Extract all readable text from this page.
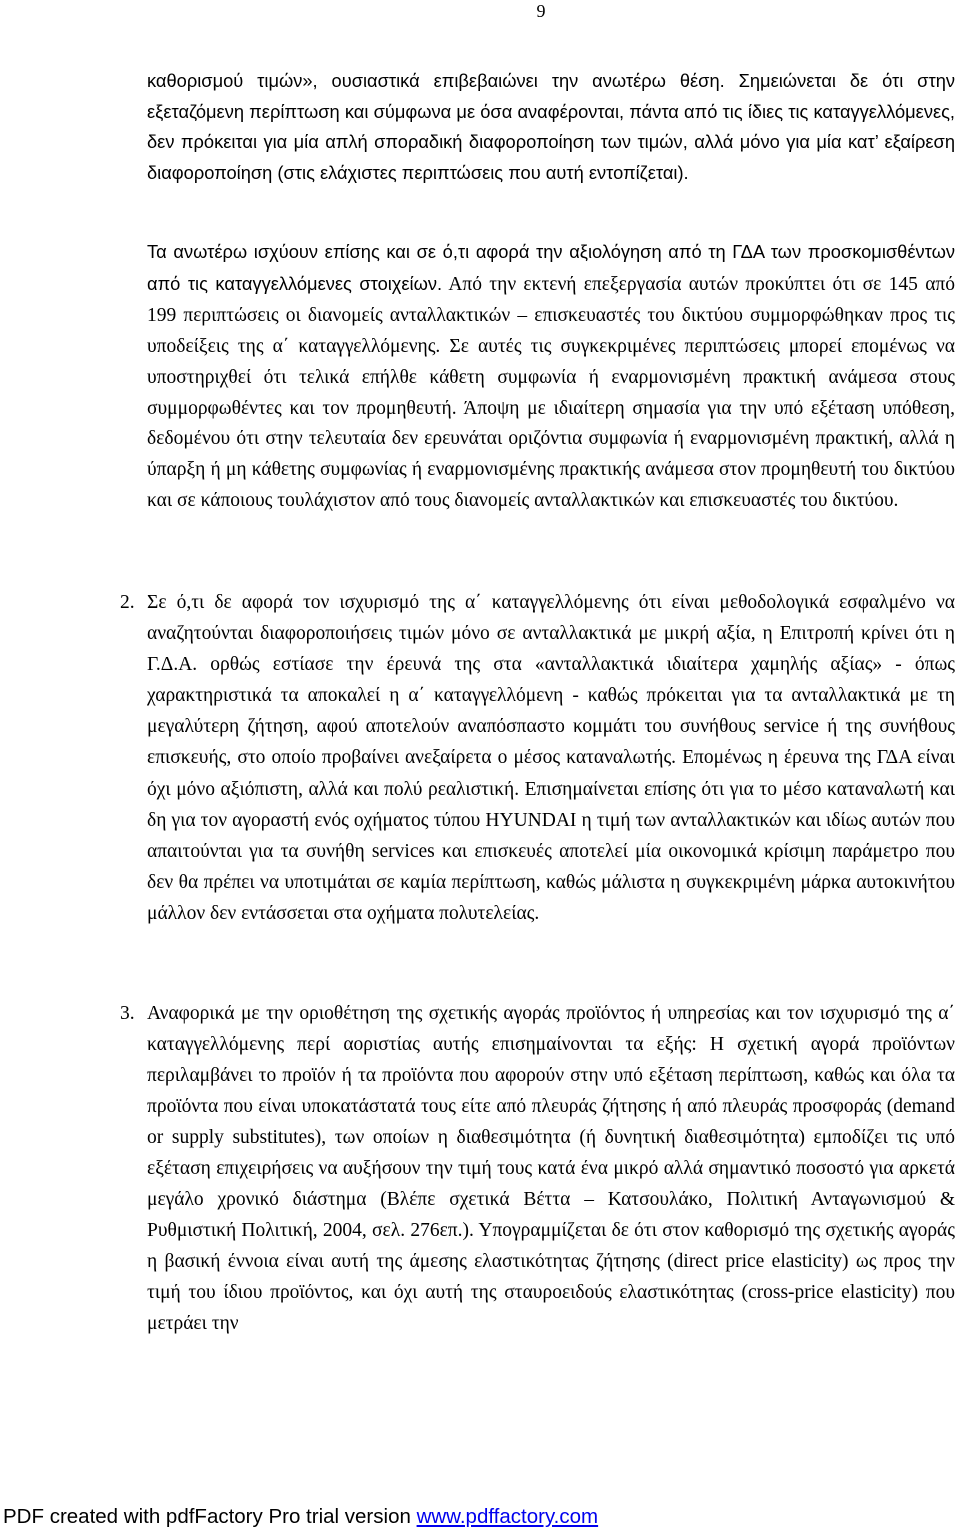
9

καθορισμού τιμών», ουσιαστικά επιβεβαιώνει την ανωτέρω θέση. Σημειώνεται δε ότι στην εξεταζόμενη περίπτωση και σύμφωνα με όσα αναφέρονται, πάντα από τις ίδιες τις καταγγελλόμενες, δεν πρόκειται για μία απλή σποραδική διαφοροποίηση των τιμών, αλλά μόνο για μία κατ’ εξαίρεση διαφοροποίηση (στις ελάχιστες περιπτώσεις που αυτή εντοπίζεται).

Τα ανωτέρω ισχύουν επίσης και σε ό,τι αφορά την αξιολόγηση από τη ΓΔΑ των προσκομισθέντων από τις καταγγελλόμενες στοιχείων. Από την εκτενή επεξεργασία αυτών προκύπτει ότι σε 145 από 199 περιπτώσεις οι διανομείς ανταλλακτικών – επισκευαστές του δικτύου συμμορφώθηκαν προς τις υποδείξεις της α΄ καταγγελλόμενης. Σε αυτές τις συγκεκριμένες περιπτώσεις μπορεί επομένως να υποστηριχθεί ότι τελικά επήλθε κάθετη συμφωνία ή εναρμονισμένη πρακτική ανάμεσα στους συμμορφωθέντες και τον προμηθευτή. Άποψη με ιδιαίτερη σημασία για την υπό εξέταση υπόθεση, δεδομένου ότι στην τελευταία δεν ερευνάται οριζόντια συμφωνία ή εναρμονισμένη πρακτική, αλλά η ύπαρξη ή μη κάθετης συμφωνίας ή εναρμονισμένης πρακτικής ανάμεσα στον προμηθευτή του δικτύου και σε κάποιους τουλάχιστον από τους διανομείς ανταλλακτικών και επισκευαστές του δικτύου.

2. Σε ό,τι δε αφορά τον ισχυρισμό της α΄ καταγγελλόμενης ότι είναι μεθοδολογικά εσφαλμένο να αναζητούνται διαφοροποιήσεις τιμών μόνο σε ανταλλακτικά με μικρή αξία, η Επιτροπή κρίνει ότι η Γ.Δ.Α. ορθώς εστίασε την έρευνά της στα «ανταλλακτικά ιδιαίτερα χαμηλής αξίας» - όπως χαρακτηριστικά τα αποκαλεί η α΄ καταγγελλόμενη - καθώς πρόκειται για τα ανταλλακτικά με τη μεγαλύτερη ζήτηση, αφού αποτελούν αναπόσπαστο κομμάτι του συνήθους service ή της συνήθους επισκευής, στο οποίο προβαίνει ανεξαίρετα ο μέσος καταναλωτής. Επομένως η έρευνα της ΓΔΑ είναι όχι μόνο αξιόπιστη, αλλά και πολύ ρεαλιστική. Επισημαίνεται επίσης ότι για το μέσο καταναλωτή και δη για τον αγοραστή ενός οχήματος τύπου HYUNDAI η τιμή των ανταλλακτικών και ιδίως αυτών που απαιτούνται για τα συνήθη services και επισκευές αποτελεί μία οικονομικά κρίσιμη παράμετρο που δεν θα πρέπει να υποτιμάται σε καμία περίπτωση, καθώς μάλιστα η συγκεκριμένη μάρκα αυτοκινήτου μάλλον δεν εντάσσεται στα οχήματα πολυτελείας.

3. Αναφορικά με την οριοθέτηση της σχετικής αγοράς προϊόντος ή υπηρεσίας και τον ισχυρισμό της α΄ καταγγελλόμενης περί αοριστίας αυτής επισημαίνονται τα εξής: Η σχετική αγορά προϊόντων περιλαμβάνει το προϊόν ή τα προϊόντα που αφορούν στην υπό εξέταση περίπτωση, καθώς και όλα τα προϊόντα που είναι υποκατάστατά τους είτε από πλευράς ζήτησης ή από πλευράς προσφοράς (demand or supply substitutes), των οποίων η διαθεσιμότητα (ή δυνητική διαθεσιμότητα) εμποδίζει τις υπό εξέταση επιχειρήσεις να αυξήσουν την τιμή τους κατά ένα μικρό αλλά σημαντικό ποσοστό για αρκετά μεγάλο χρονικό διάστημα (Βλέπε σχετικά Βέττα – Κατσουλάκο, Πολιτική Ανταγωνισμού & Ρυθμιστική Πολιτική, 2004, σελ. 276επ.). Υπογραμμίζεται δε ότι στον καθορισμό της σχετικής αγοράς η βασική έννοια είναι αυτή της άμεσης ελαστικότητας ζήτησης (direct price elasticity) ως προς την τιμή του ίδιου προϊόντος, και όχι αυτή της σταυροειδούς ελαστικότητας (cross-price elasticity) που μετράει την

PDF created with pdfFactory Pro trial version www.pdffactory.com
